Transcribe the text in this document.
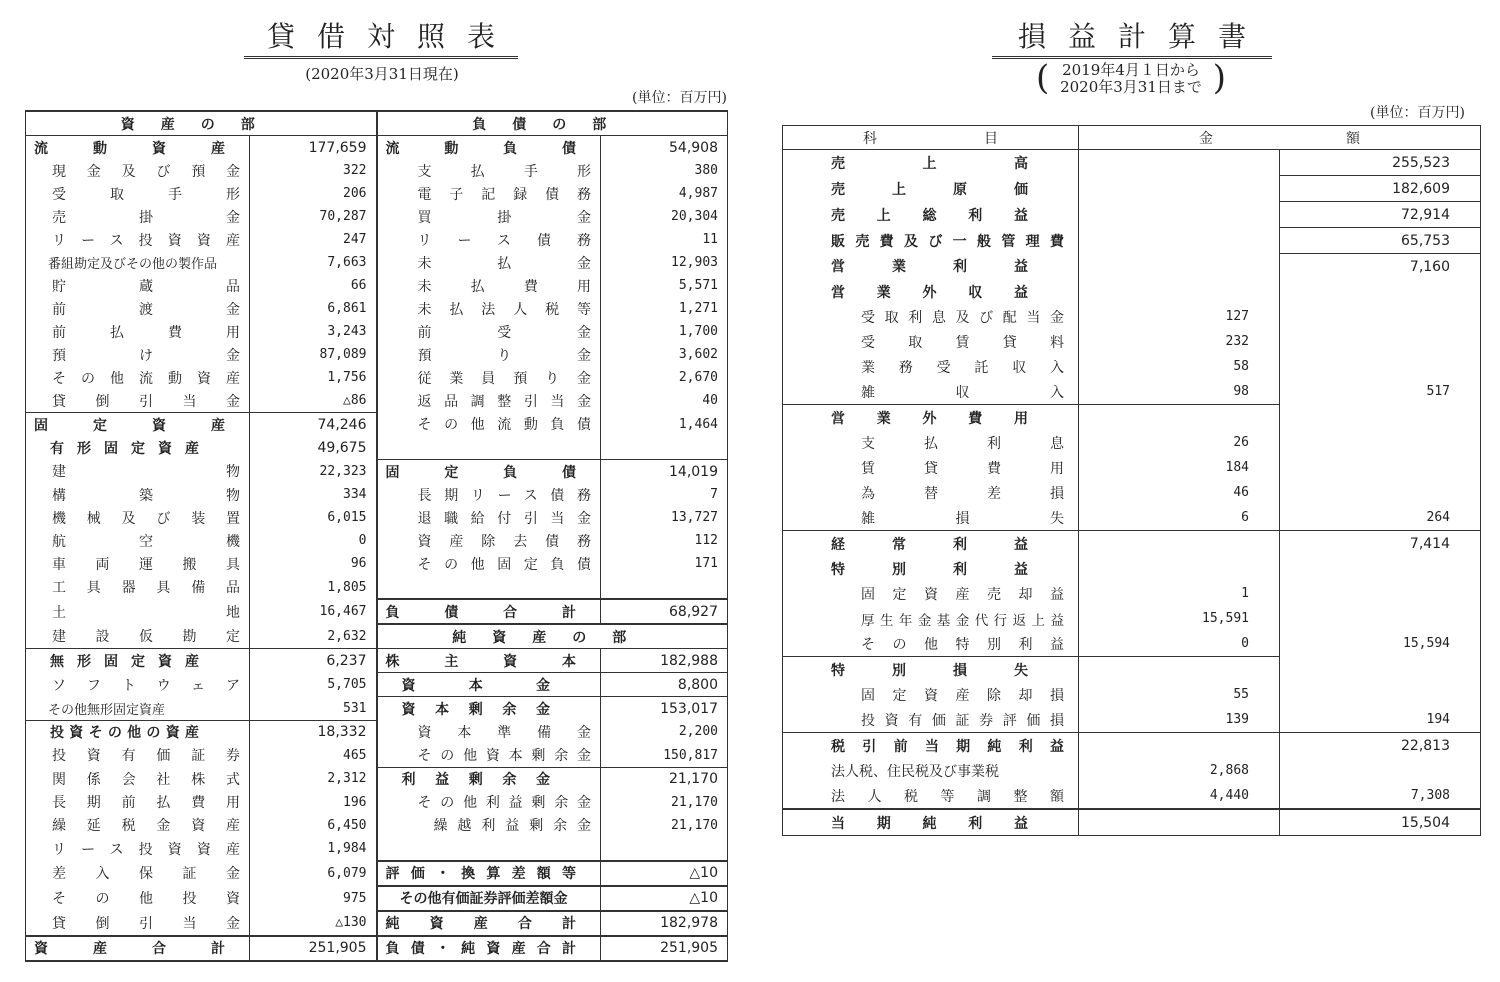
貸借対照表
(2020年3月31日現在)
(単位：百万円)
資産の部		負債の部	

流動資産	177,659	流動負債	54,908

現金及び預金	322	支払手形	380

受取手形	206	電子記録債務	4,987

売掛金	70,287	買掛金	20,304

リース投資資産	247	リース債務	11

番組勘定及びその他の製作品	7,663	未払金	12,903

貯蔵品	66	未払費用	5,571

前渡金	6,861	未払法人税等	1,271

前払費用	3,243	前受金	1,700

預け金	87,089	預り金	3,602

その他流動資産	1,756	従業員預り金	2,670

貸倒引当金	△86	返品調整引当金	40

固定資産	74,246	その他流動負債	1,464

有形固定資産	49,675	

建物	22,323	固定負債	14,019

構築物	334	長期リース債務	7

機械及び装置	6,015	退職給付引当金	13,727

航空機	0	資産除去債務	112

車両運搬具	96	その他固定負債	171

工具器具備品	1,805	

土地	16,467	負債合計	68,927

建設仮勘定	2,632	純資産の部	

無形固定資産	6,237	株主資本	182,988

ソフトウェア	5,705	資本金	8,800

その他無形固定資産	531	資本剰余金	153,017

投資その他の資産	18,332	資本準備金	2,200

投資有価証券	465	その他資本剰余金	150,817

関係会社株式	2,312	利益剰余金	21,170

長期前払費用	196	その他利益剰余金	21,170

繰延税金資産	6,450	繰越利益剰余金	21,170

リース投資資産	1,984	

差入保証金	6,079	評価・換算差額等	△10

その他投資	975	その他有価証券評価差額金	△10

貸倒引当金	△130	純資産合計	182,978

資産合計	251,905	負債・純資産合計	251,905
損益計算書
( 2019年4月１日から
2020年3月31日まで )
(単位：百万円)
科目	金額	

売上高		255,523

売上原価		182,609

売上総利益		72,914

販売費及び一般管理費		65,753

営業利益		7,160

営業外収益		

受取利息及び配当金	127	

受取賃貸料	232	

業務受託収入	58	

雑収入	98	517

営業外費用		

支払利息	26	

賃貸費用	184	

為替差損	46	

雑損失	6	264

経常利益		7,414

特別利益		

固定資産売却益	1	

厚生年金基金代行返上益	15,591	

その他特別利益	0	15,594

特別損失		

固定資産除却損	55	

投資有価証券評価損	139	194

税引前当期純利益		22,813

法人税、住民税及び事業税	2,868	

法人税等調整額	4,440	7,308

当期純利益		15,504
